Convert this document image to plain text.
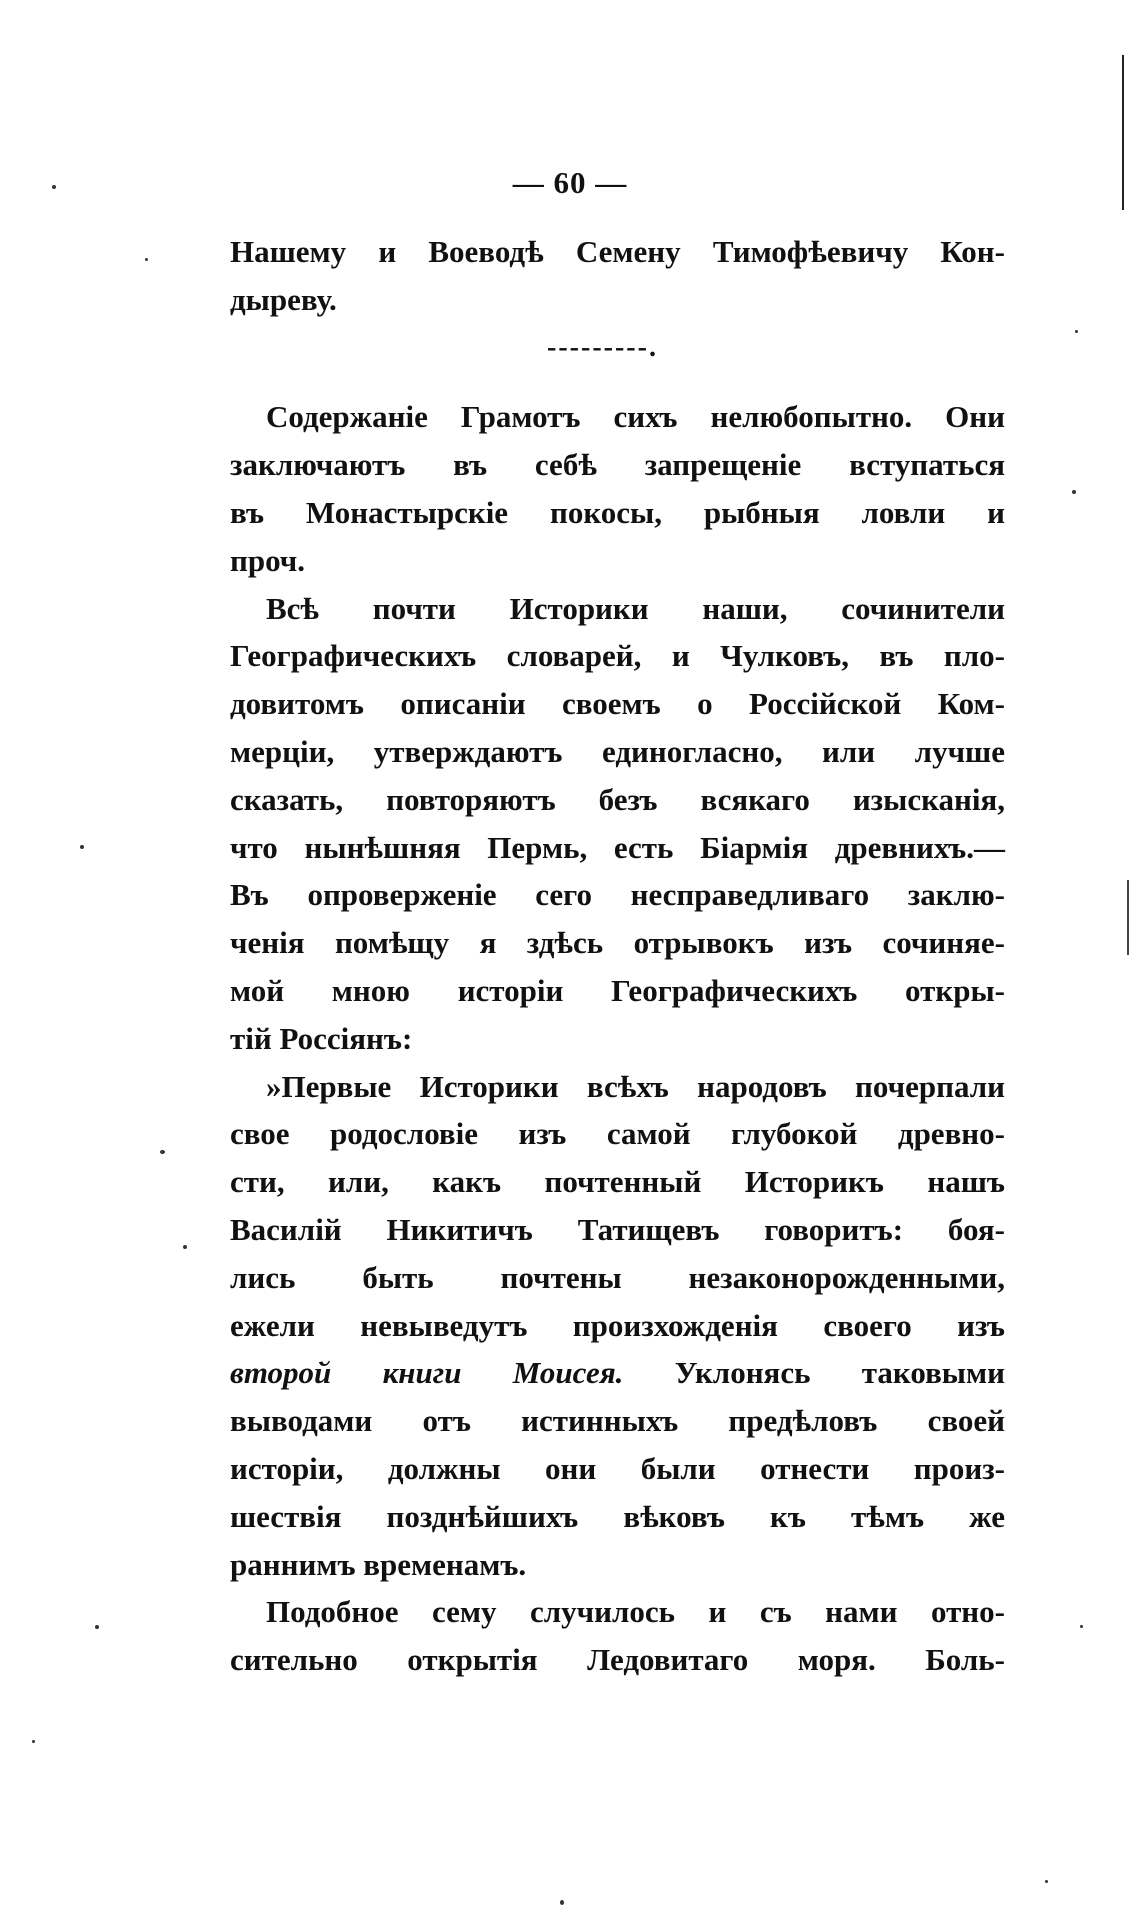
— 60 —
Нашему и Воеводѣ Семену Тимофѣевичу Кон-
дыреву.
---------.
Содержаніе Грамотъ сихъ нелюбопытно. Они
заключаютъ въ себѣ запрещеніе вступаться
въ Монастырскіе покосы, рыбныя ловли и
проч.
Всѣ почти Историки наши, сочинители
Географическихъ словарей, и Чулковъ, въ пло-
довитомъ описаніи своемъ о Россійской Ком-
мерціи, утверждаютъ единогласно, или лучше
сказать, повторяютъ безъ всякаго изысканія,
что нынѣшняя Пермь, есть Біармія древнихъ.—
Въ опроверженіе сего несправедливаго заклю-
ченія помѣщу я здѣсь отрывокъ изъ сочиняе-
мой мною исторіи Географическихъ откры-
тій Россіянъ:
»Первые Историки всѣхъ народовъ почерпали
свое родословіе изъ самой глубокой древно-
сти, или, какъ почтенный Историкъ нашъ
Василій Никитичъ Татищевъ говоритъ: боя-
лись быть почтены незаконорожденными,
ежели невыведутъ произхожденія своего изъ
второй книги Моисея. Уклонясь таковыми
выводами отъ истинныхъ предѣловъ своей
исторіи, должны они были отнести произ-
шествія позднѣйшихъ вѣковъ къ тѣмъ же
раннимъ временамъ.
Подобное сему случилось и съ нами отно-
сительно открытія Ледовитаго моря. Боль-
